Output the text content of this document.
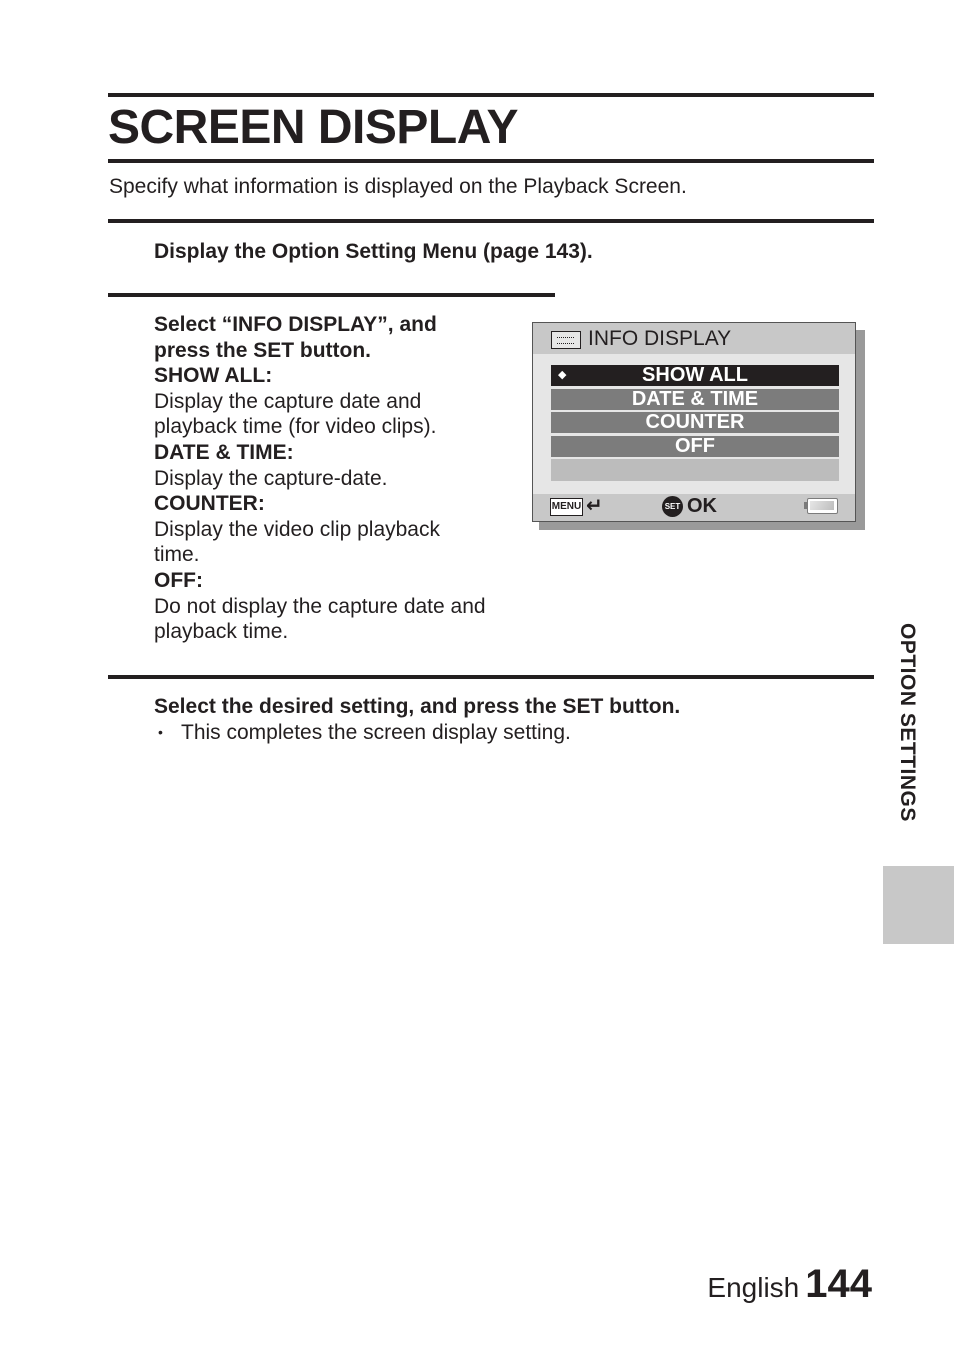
SCREEN DISPLAY
Specify what information is displayed on the Playback Screen.
Display the Option Setting Menu (page 143).
Select “INFO DISPLAY”, and
press the SET button.
SHOW ALL:
Display the capture date and
playback time (for video clips).
DATE & TIME:
Display the capture-date.
COUNTER:
Display the video clip playback
time.
OFF:
Do not display the capture date and
playback time.
INFO DISPLAY
◆	SHOW ALL
DATE & TIME
COUNTER
OFF
MENU ↵	SET OK
Select the desired setting, and press the SET button.
• This completes the screen display setting.	OPTION SETTINGS
English 144
